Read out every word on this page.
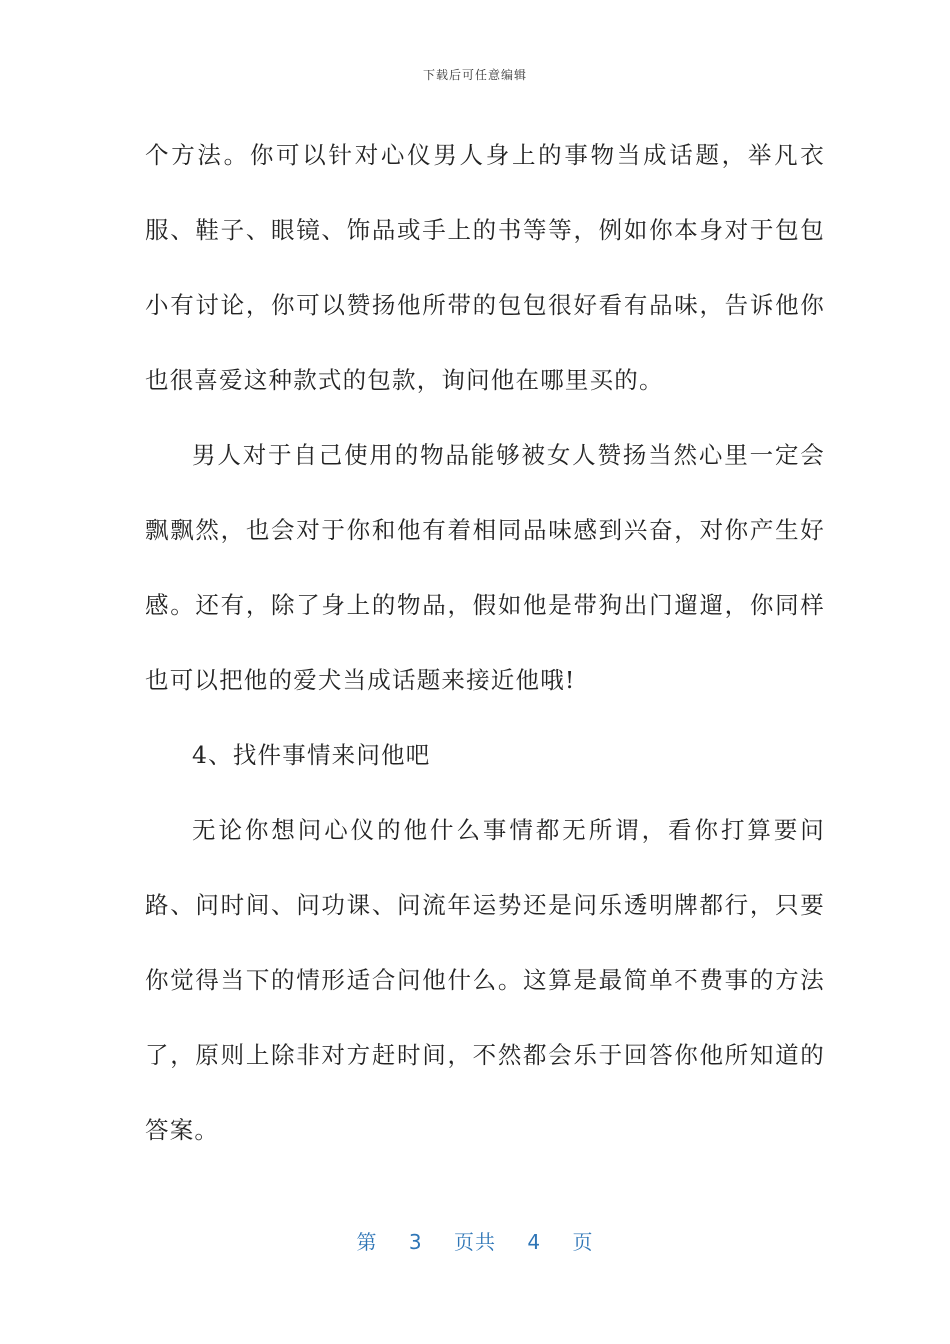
下载后可任意编辑

个方法。你可以针对心仪男人身上的事物当成话题，举凡衣服、鞋子、眼镜、饰品或手上的书等等，例如你本身对于包包小有讨论，你可以赞扬他所带的包包很好看有品味，告诉他你也很喜爱这种款式的包款，询问他在哪里买的。

男人对于自己使用的物品能够被女人赞扬当然心里一定会飘飘然，也会对于你和他有着相同品味感到兴奋，对你产生好感。还有，除了身上的物品，假如他是带狗出门遛遛，你同样也可以把他的爱犬当成话题来接近他哦!

4、找件事情来问他吧

无论你想问心仪的他什么事情都无所谓，看你打算要问路、问时间、问功课、问流年运势还是问乐透明牌都行，只要你觉得当下的情形适合问他什么。这算是最简单不费事的方法了，原则上除非对方赶时间，不然都会乐于回答你他所知道的答案。

第 3 页共 4 页
